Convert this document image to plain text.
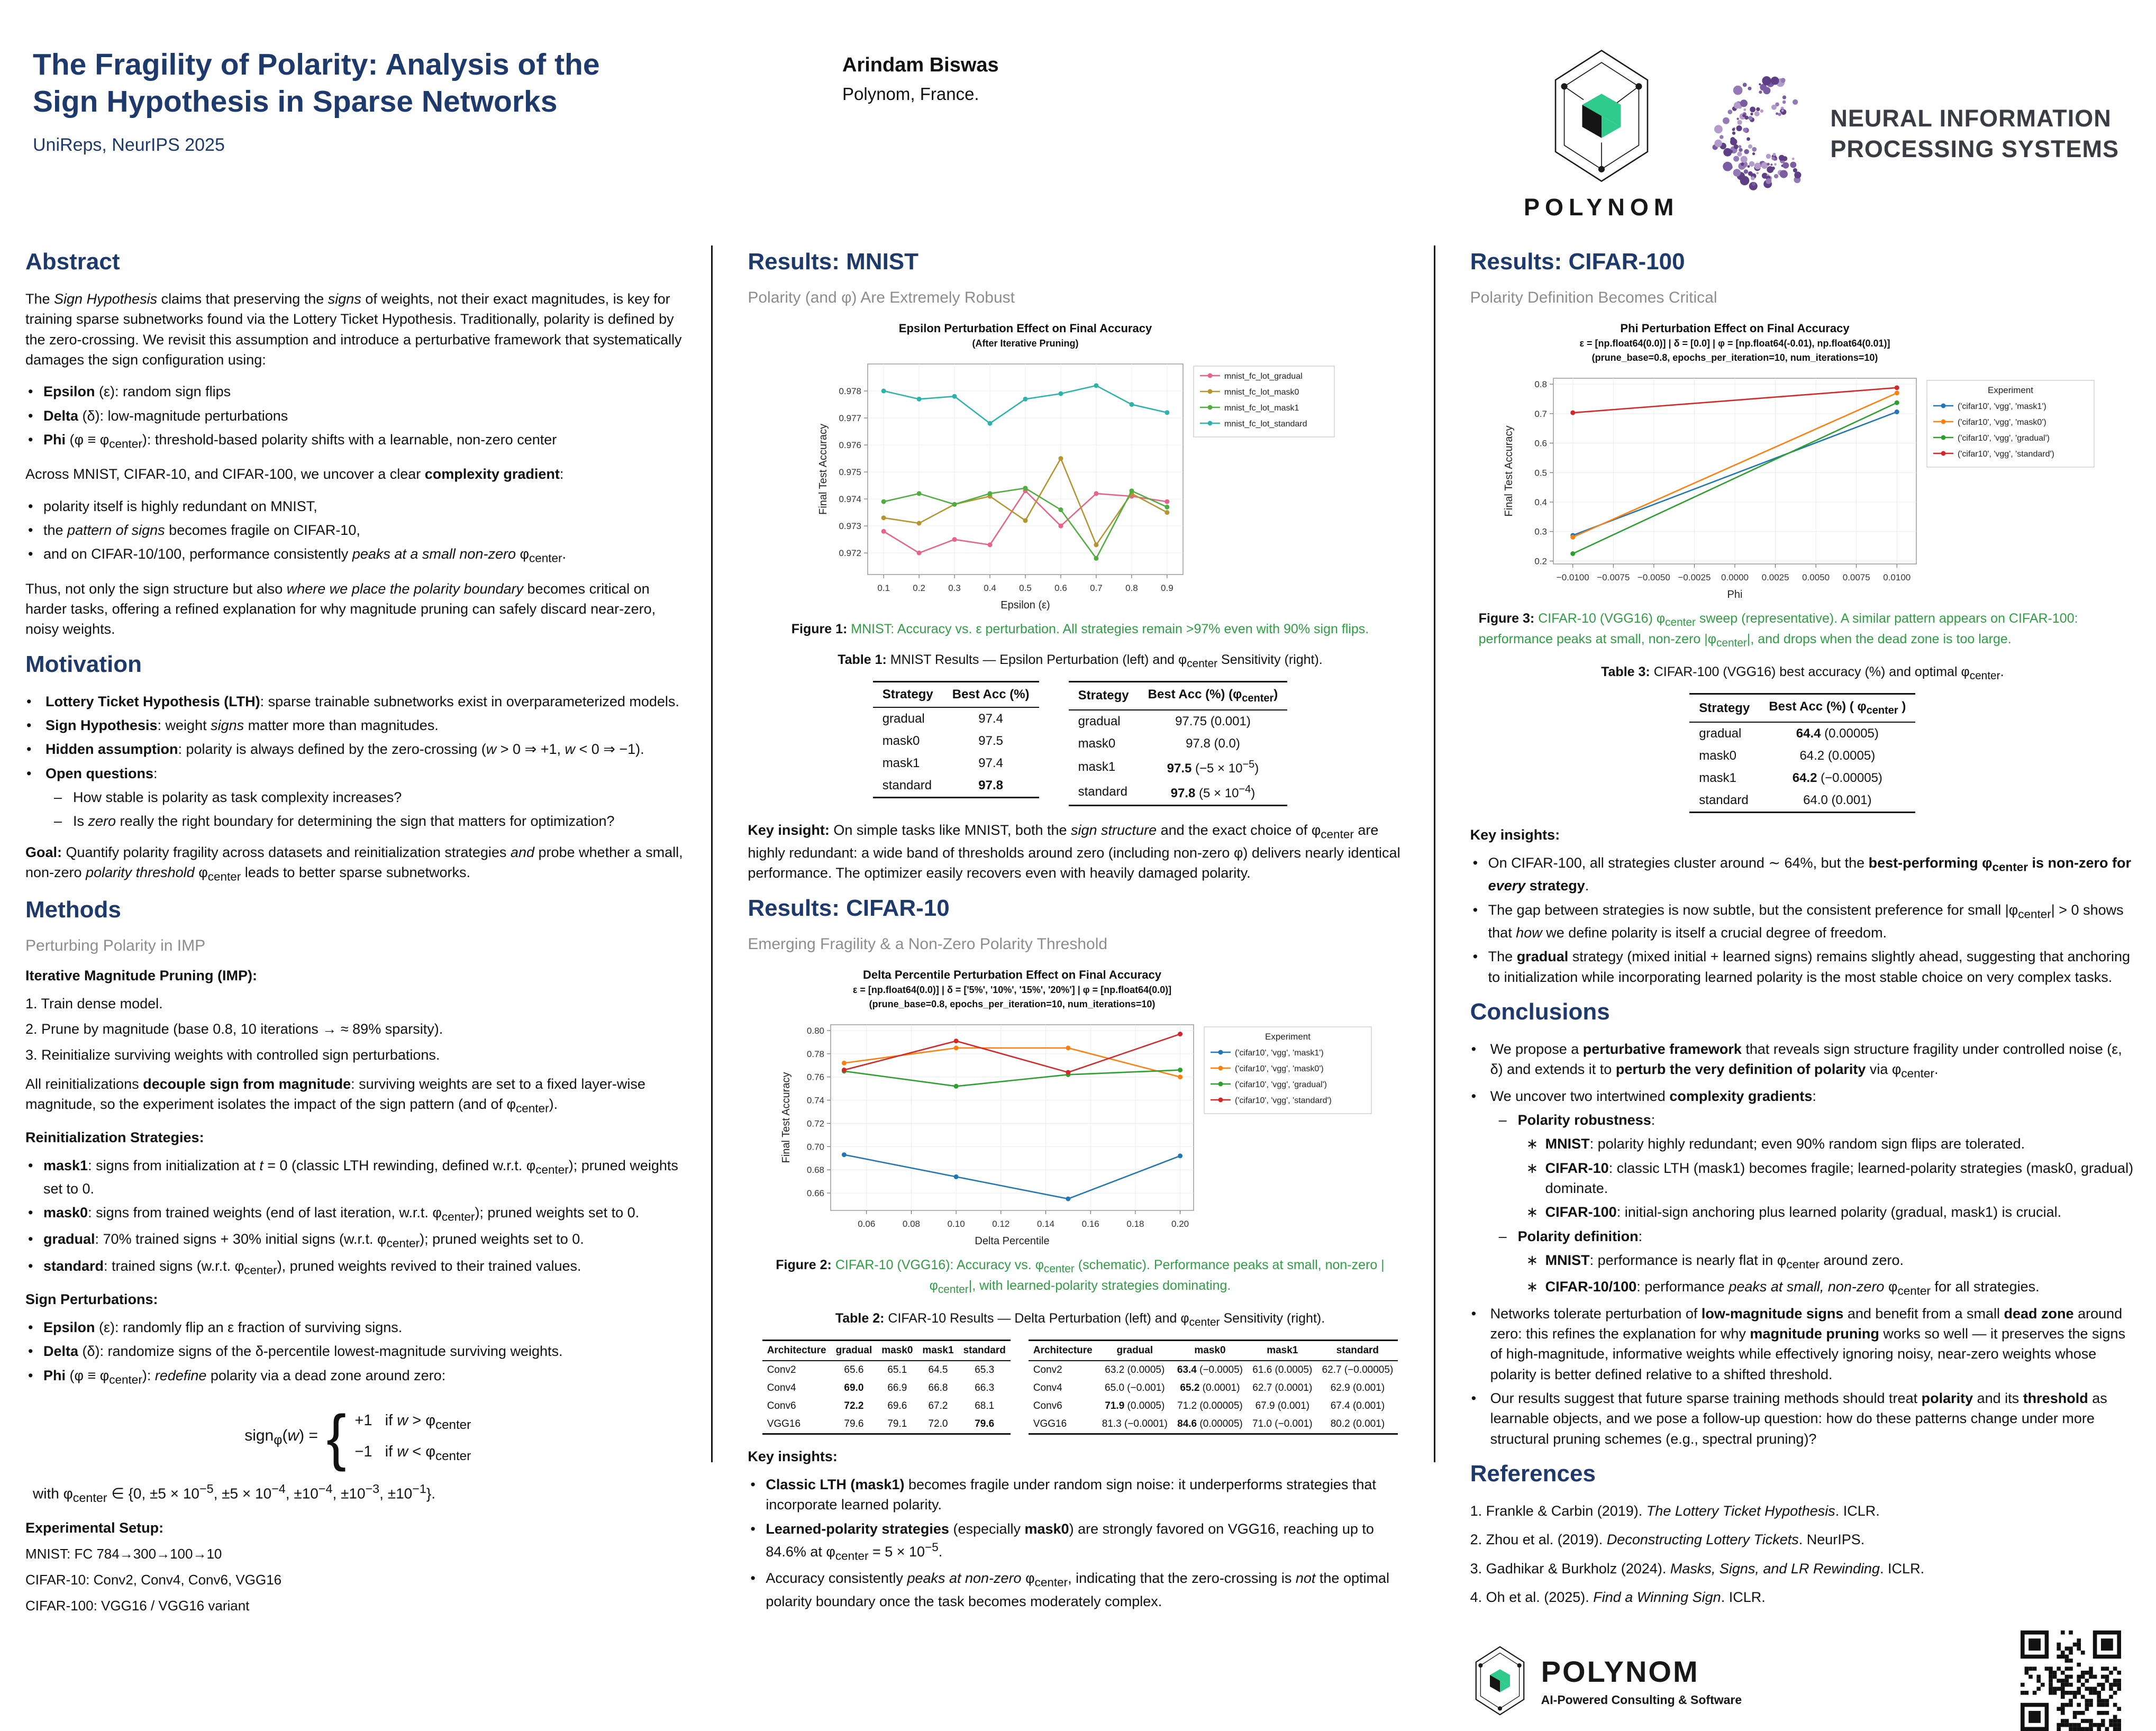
The Fragility of Polarity: Analysis of the
Sign Hypothesis in Sparse Networks
UniReps, NeurIPS 2025
Arindam Biswas
Polynom, France.
POLYNOM
NEURAL INFORMATION
PROCESSING SYSTEMS
Abstract

The Sign Hypothesis claims that preserving the signs of weights, not their exact magnitudes, is key for training sparse subnetworks found via the Lottery Ticket Hypothesis. Traditionally, polarity is defined by the zero-crossing. We revisit this assumption and introduce a perturbative framework that systematically damages the sign configuration using:

• Epsilon (ε): random sign flips
• Delta (δ): low-magnitude perturbations
• Phi $(\varphi \equiv \varphi_{center})$: threshold-based polarity shifts with a learnable, non-zero center

Across MNIST, CIFAR-10, and CIFAR-100, we uncover a clear complexity gradient:

• polarity itself is highly redundant on MNIST,
• the pattern of signs becomes fragile on CIFAR-10,
• and on CIFAR-10/100, performance consistently peaks at a small non-zero $\varphi_{center}$.

Thus, not only the sign structure but also where we place the polarity boundary becomes critical on harder tasks, offering a refined explanation for why magnitude pruning can safely discard near-zero, noisy weights.

Motivation
• Lottery Ticket Hypothesis (LTH): sparse trainable subnetworks exist in overparameterized models.
• Sign Hypothesis: weight signs matter more than magnitudes.
• Hidden assumption: polarity is always defined by the zero-crossing (w > 0 ⇒ +1, w < 0 ⇒ −1).
• Open questions:
– How stable is polarity as task complexity increases?
– Is zero really the right boundary for determining the sign that matters for optimization?

Goal: Quantify polarity fragility across datasets and reinitialization strategies and probe whether a small, non-zero polarity threshold $\varphi_{center}$ leads to better sparse subnetworks.

Methods
Perturbing Polarity in IMP
Iterative Magnitude Pruning (IMP):
1. Train dense model.
2. Prune by magnitude (base 0.8, 10 iterations → ≈ 89% sparsity).
3. Reinitialize surviving weights with controlled sign perturbations.

All reinitializations decouple sign from magnitude: surviving weights are set to a fixed layer-wise magnitude, so the experiment isolates the impact of the sign pattern (and of $\varphi_{center}$).

Reinitialization Strategies:
• mask1: signs from initialization at t = 0 (classic LTH rewinding, defined w.r.t. $\varphi_{center}$); pruned weights set to 0.
• mask0: signs from trained weights (end of last iteration, w.r.t. $\varphi_{center}$); pruned weights set to 0.
• gradual: 70% trained signs + 30% initial signs (w.r.t. $\varphi_{center}$); pruned weights set to 0.
• standard: trained signs (w.r.t. $\varphi_{center}$), pruned weights revived to their trained values.
Sign Perturbations:
• Epsilon (ε): randomly flip an ε fraction of surviving signs.
• Delta (δ): randomize signs of the δ-percentile lowest-magnitude surviving weights.
• Phi $(\varphi \equiv \varphi_{center})$: redefine polarity via a dead zone around zero:
sign$_\varphi$(w) = { +1   if $w > \varphi_{center}$
−1   if $w < \varphi_{center}$
with $\varphi_{center}$ ∈ {0, $\pm 5 \times 10^{-5}$, $\pm 5 \times 10^{-4}$, $\pm 10^{-4}$, $\pm 10^{-3}$, $\pm 10^{-1}$}.
Experimental Setup:
MNIST: FC 784→300→100→10
CIFAR-10: Conv2, Conv4, Conv6, VGG16
CIFAR-100: VGG16 / VGG16 variant
Results: MNIST
Polarity (and φ) Are Extremely Robust
0.1	0.2	0.3	0.4	0.5	0.6	0.7	0.8	0.9
0.972
0.973
0.974
0.975
0.976
0.977
0.978
Epsilon Perturbation Effect on Final Accuracy
(After Iterative Pruning)
Epsilon (ε)
Final Test Accuracy
mnist_fc_lot_gradual
mnist_fc_lot_mask0
mnist_fc_lot_mask1
mnist_fc_lot_standard
Figure 1: MNIST: Accuracy vs. ε perturbation. All strategies remain >97% even with 90% sign flips.
Table 1: MNIST Results — Epsilon Perturbation (left) and $\varphi_{center}$ Sensitivity (right).
Strategy	Best Acc (%)
gradual	97.4
mask0	97.5
mask1	97.4
standard	97.8
Strategy	Best Acc (%) $(\varphi_{center})$
gradual	97.75 (0.001)
mask0	97.8 (0.0)
mask1	97.5 $(-5 \times 10^{-5})$
standard	97.8 $(5 \times 10^{-4})$

Key insight: On simple tasks like MNIST, both the sign structure and the exact choice of $\varphi_{center}$ are highly redundant: a wide band of thresholds around zero (including non-zero φ) delivers nearly identical performance. The optimizer easily recovers even with heavily damaged polarity.

Results: CIFAR-10
Emerging Fragility & a Non-Zero Polarity Threshold
0.06	0.08	0.10	0.12	0.14	0.16	0.18	0.20
0.66
0.68
0.70
0.72
0.74
0.76
0.78
0.80
Delta Percentile Perturbation Effect on Final Accuracy
ε = [np.float64(0.0)] | δ = ['5%', '10%', '15%', '20%'] | φ = [np.float64(0.0)]
(prune_base=0.8, epochs_per_iteration=10, num_iterations=10)
Delta Percentile
Final Test Accuracy
Experiment
('cifar10', 'vgg', 'mask1')
('cifar10', 'vgg', 'mask0')
('cifar10', 'vgg', 'gradual')
('cifar10', 'vgg', 'standard')
Figure 2: CIFAR-10 (VGG16): Accuracy vs. $\varphi_{center}$ (schematic). Performance peaks at small, non-zero $|\varphi_{center}|$, with learned-polarity strategies dominating.
Table 2: CIFAR-10 Results — Delta Perturbation (left) and $\varphi_{center}$ Sensitivity (right).
Architecture	gradual	mask0	mask1	standard
Conv2	65.6	65.1	64.5	65.3
Conv4	69.0	66.9	66.8	66.3
Conv6	72.2	69.6	67.2	68.1
VGG16	79.6	79.1	72.0	79.6
Architecture	gradual	mask0	mask1	standard
Conv2	63.2 (0.0005)	63.4 (−0.0005)	61.6 (0.0005)	62.7 (−0.00005)
Conv4	65.0 (−0.001)	65.2 (0.0001)	62.7 (0.0001)	62.9 (0.001)
Conv6	71.9 (0.0005)	71.2 (0.00005)	67.9 (0.001)	67.4 (0.001)
VGG16	81.3 (−0.0001)	84.6 (0.00005)	71.0 (−0.001)	80.2 (0.001)
Key insights:
• Classic LTH (mask1) becomes fragile under random sign noise: it underperforms strategies that incorporate learned polarity.
• Learned-polarity strategies (especially mask0) are strongly favored on VGG16, reaching up to 84.6% at $\varphi_{center} = 5 \times 10^{-5}$.
• Accuracy consistently peaks at non-zero $\varphi_{center}$, indicating that the zero-crossing is not the optimal polarity boundary once the task becomes moderately complex.
Results: CIFAR-100
Polarity Definition Becomes Critical
−0.0100 −0.0075 −0.0050 −0.0025 0.0000 0.0025 0.0050 0.0075 0.0100
0.2
0.3
0.4
0.5
0.6
0.7
0.8
Phi Perturbation Effect on Final Accuracy
ε = [np.float64(0.0)] | δ = [0.0] | φ = [np.float64(-0.01), np.float64(0.01)]
(prune_base=0.8, epochs_per_iteration=10, num_iterations=10)
Phi
Final Test Accuracy
Experiment
('cifar10', 'vgg', 'mask1')
('cifar10', 'vgg', 'mask0')
('cifar10', 'vgg', 'gradual')
('cifar10', 'vgg', 'standard')
Figure 3: CIFAR-10 (VGG16) $\varphi_{center}$ sweep (representative). A similar pattern appears on CIFAR-100: performance peaks at small, non-zero $|\varphi_{center}|$, and drops when the dead zone is too large.
Table 3: CIFAR-100 (VGG16) best accuracy (%) and optimal $\varphi_{center}$.
Strategy	Best Acc (%) ( $\varphi_{center}$ )
gradual	64.4 (0.00005)
mask0	64.2 (0.0005)
mask1	64.2 (−0.00005)
standard	64.0 (0.001)
Key insights:
• On CIFAR-100, all strategies cluster around ∼ 64%, but the best-performing $\varphi_{center}$ is non-zero for every strategy.
• The gap between strategies is now subtle, but the consistent preference for small $|\varphi_{center}| > 0$ shows that how we define polarity is itself a crucial degree of freedom.
• The gradual strategy (mixed initial + learned signs) remains slightly ahead, suggesting that anchoring to initialization while incorporating learned polarity is the most stable choice on very complex tasks.
Conclusions
• We propose a perturbative framework that reveals sign structure fragility under controlled noise (ε, δ) and extends it to perturb the very definition of polarity via $\varphi_{center}$.
• We uncover two intertwined complexity gradients:
– Polarity robustness:
∗ MNIST: polarity highly redundant; even 90% random sign flips are tolerated.
∗ CIFAR-10: classic LTH (mask1) becomes fragile; learned-polarity strategies (mask0, gradual) dominate.
∗ CIFAR-100: initial-sign anchoring plus learned polarity (gradual, mask1) is crucial.
– Polarity definition:
∗ MNIST: performance is nearly flat in $\varphi_{center}$ around zero.
∗ CIFAR-10/100: performance peaks at small, non-zero $\varphi_{center}$ for all strategies.
• Networks tolerate perturbation of low-magnitude signs and benefit from a small dead zone around zero: this refines the explanation for why magnitude pruning works so well — it preserves the signs of high-magnitude, informative weights while effectively ignoring noisy, near-zero weights whose polarity is better defined relative to a shifted threshold.
• Our results suggest that future sparse training methods should treat polarity and its threshold as learnable objects, and we pose a follow-up question: how do these patterns change under more structural pruning schemes (e.g., spectral pruning)?
References
1. Frankle & Carbin (2019). The Lottery Ticket Hypothesis. ICLR.
2. Zhou et al. (2019). Deconstructing Lottery Tickets. NeurIPS.
3. Gadhikar & Burkholz (2024). Masks, Signs, and LR Rewinding. ICLR.
4. Oh et al. (2025). Find a Winning Sign. ICLR.
POLYNOM
AI-Powered Consulting & Software
